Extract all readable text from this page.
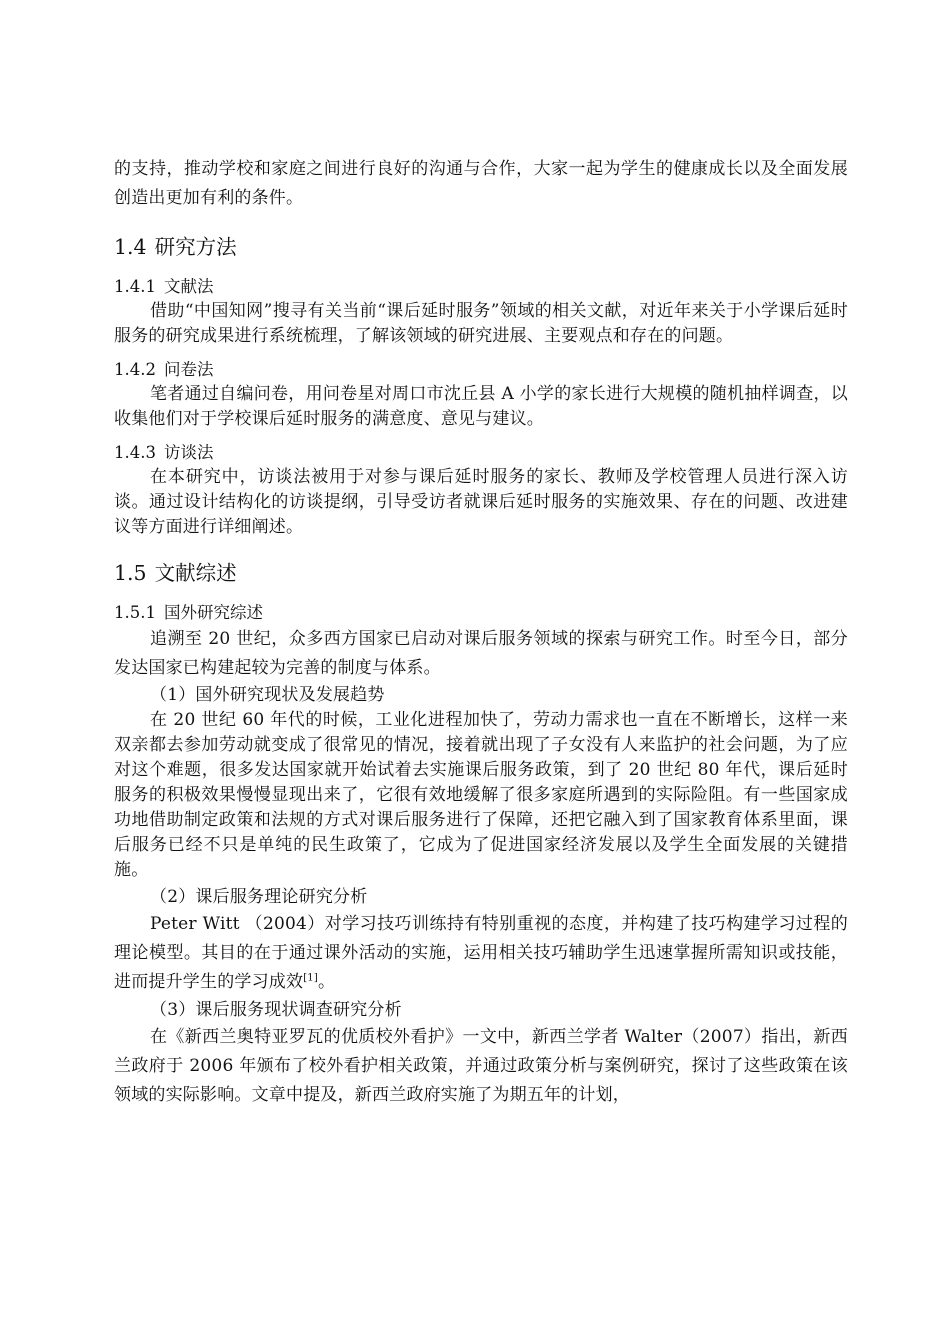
的支持，推动学校和家庭之间进行良好的沟通与合作，大家一起为学生的健康成长以及全面发展创造出更加有利的条件。

1.4 研究方法
1.4.1 文献法

借助“中国知网”搜寻有关当前“课后延时服务”领域的相关文献，对近年来关于小学课后延时服务的研究成果进行系统梳理，了解该领域的研究进展、主要观点和存在的问题。

1.4.2 问卷法

笔者通过自编问卷，用问卷星对周口市沈丘县 A 小学的家长进行大规模的随机抽样调查，以收集他们对于学校课后延时服务的满意度、意见与建议。

1.4.3 访谈法

在本研究中，访谈法被用于对参与课后延时服务的家长、教师及学校管理人员进行深入访谈。通过设计结构化的访谈提纲，引导受访者就课后延时服务的实施效果、存在的问题、改进建议等方面进行详细阐述。

1.5 文献综述
1.5.1 国外研究综述

追溯至 20 世纪，众多西方国家已启动对课后服务领域的探索与研究工作。时至今日，部分发达国家已构建起较为完善的制度与体系。

（1）国外研究现状及发展趋势

在 20 世纪 60 年代的时候，工业化进程加快了，劳动力需求也一直在不断增长，这样一来双亲都去参加劳动就变成了很常见的情况，接着就出现了子女没有人来监护的社会问题，为了应对这个难题，很多发达国家就开始试着去实施课后服务政策，到了 20 世纪 80 年代，课后延时服务的积极效果慢慢显现出来了，它很有效地缓解了很多家庭所遇到的实际险阻。有一些国家成功地借助制定政策和法规的方式对课后服务进行了保障，还把它融入到了国家教育体系里面，课后服务已经不只是单纯的民生政策了，它成为了促进国家经济发展以及学生全面发展的关键措施。

（2）课后服务理论研究分析

Peter Witt （2004）对学习技巧训练持有特别重视的态度，并构建了技巧构建学习过程的理论模型。其目的在于通过课外活动的实施，运用相关技巧辅助学生迅速掌握所需知识或技能，进而提升学生的学习成效[1]。

（3）课后服务现状调查研究分析

在《新西兰奥特亚罗瓦的优质校外看护》一文中，新西兰学者 Walter（2007）指出，新西兰政府于 2006 年颁布了校外看护相关政策，并通过政策分析与案例研究，探讨了这些政策在该领域的实际影响。文章中提及，新西兰政府实施了为期五年的计划，
